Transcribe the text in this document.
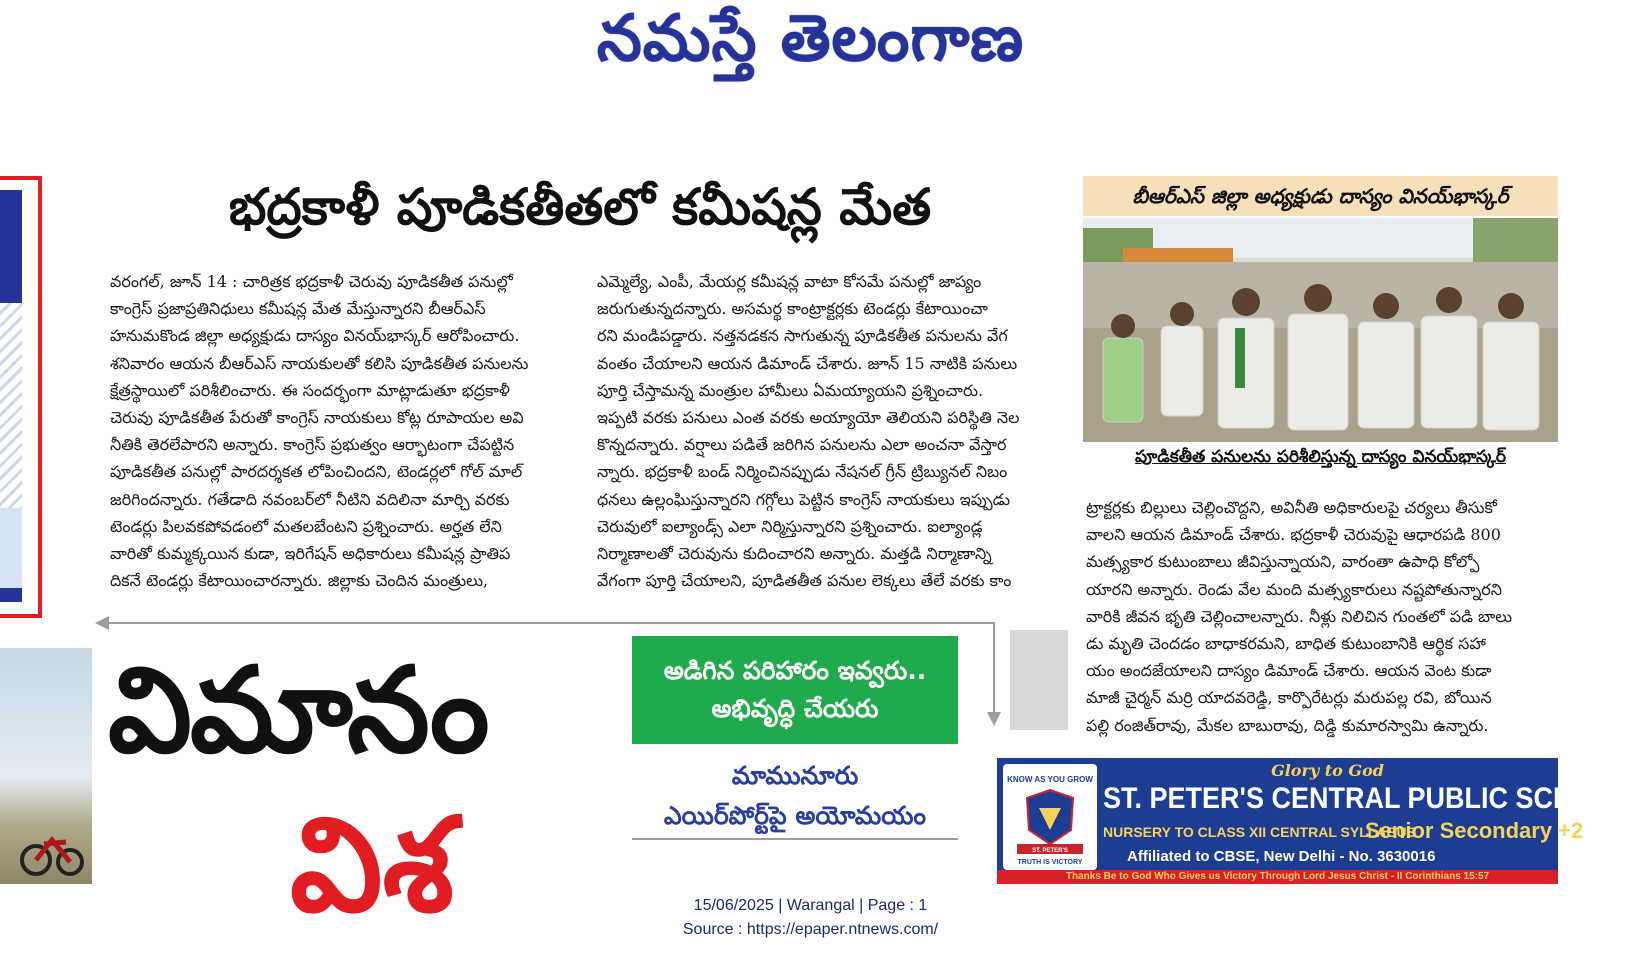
నమస్తే తెలంగాణ
భద్రకాళీ పూడికతీతలో కమీషన్ల మేత
వరంగల్, జూన్ 14 : చారిత్రక భద్రకాళీ చెరువు పూడికతీత పనుల్లో
కాంగ్రెస్ ప్రజాప్రతినిధులు కమీషన్ల మేత మేస్తున్నారని బీఆర్ఎస్
హనుమకొండ జిల్లా అధ్యక్షుడు దాస్యం వినయ్‌భాస్కర్ ఆరోపించారు.
శనివారం ఆయన బీఆర్ఎస్ నాయకులతో కలిసి పూడికతీత పనులను
క్షేత్రస్థాయిలో పరిశీలించారు. ఈ సందర్భంగా మాట్లాడుతూ భద్రకాళీ
చెరువు పూడికతీత పేరుతో కాంగ్రెస్ నాయకులు కోట్ల రూపాయల అవి
నీతికి తెరలేపారని అన్నారు. కాంగ్రెస్ ప్రభుత్వం ఆర్భాటంగా చేపట్టిన
పూడికతీత పనుల్లో పారదర్శకత లోపించిందని, టెండర్లలో గోల్ మాల్
జరిగిందన్నారు. గతేడాది నవంబర్‌లో నీటిని వదిలినా మార్చి వరకు
టెండర్లు పిలవకపోవడంలో మతలబేంటని ప్రశ్నించారు. అర్హత లేని
వారితో కుమ్మక్కయిన కుడా, ఇరిగేషన్ అధికారులు కమీషన్ల ప్రాతిప
దికనే టెండర్లు కేటాయించారన్నారు. జిల్లాకు చెందిన మంత్రులు,
ఎమ్మెల్యే, ఎంపీ, మేయర్ల కమీషన్ల వాటా కోసమే పనుల్లో జాప్యం
జరుగుతున్నదన్నారు. అసమర్థ కాంట్రాక్టర్లకు టెండర్లు కేటాయించా
రని మండిపడ్డారు. నత్తనడకన సాగుతున్న పూడికతీత పనులను వేగ
వంతం చేయాలని ఆయన డిమాండ్ చేశారు. జూన్ 15 నాటికి పనులు
పూర్తి చేస్తామన్న మంత్రుల హామీలు ఏమయ్యాయని ప్రశ్నించారు.
ఇప్పటి వరకు పనులు ఎంత వరకు అయ్యాయో తెలియని పరిస్థితి నెల
కొన్నదన్నారు. వర్షాలు పడితే జరిగిన పనులను ఎలా అంచనా వేస్తార
న్నారు. భద్రకాళీ బండ్ నిర్మించినప్పుడు నేషనల్ గ్రీన్ ట్రిబ్యునల్ నిబం
ధనలు ఉల్లంఘిస్తున్నారని గగ్గోలు పెట్టిన కాంగ్రెస్ నాయకులు ఇప్పుడు
చెరువులో ఐల్యాండ్స్ ఎలా నిర్మిస్తున్నారని ప్రశ్నించారు. ఐల్యాండ్ల
నిర్మాణాలతో చెరువును కుదించారని అన్నారు. మత్తడి నిర్మాణాన్ని
వేగంగా పూర్తి చేయాలని, పూడితతీత పనుల లెక్కలు తేలే వరకు కాం
బీఆర్ఎస్ జిల్లా అధ్యక్షుడు దాస్యం వినయ్‌భాస్కర్
పూడికతీత పనులను పరిశీలిస్తున్న దాస్యం వినయ్‌భాస్కర్
ట్రాక్టర్లకు బిల్లులు చెల్లించొద్దని, అవినీతి అధికారులపై చర్యలు తీసుకో
వాలని ఆయన డిమాండ్ చేశారు. భద్రకాళీ చెరువుపై ఆధారపడి 800
మత్స్యకార కుటుంబాలు జీవిస్తున్నాయని, వారంతా ఉపాధి కోల్పో
యారని అన్నారు. రెండు వేల మంది మత్స్యకారులు నష్టపోతున్నారని
వారికి జీవన భృతి చెల్లించాలన్నారు. నీళ్లు నిలిచిన గుంతలో పడి బాలు
డు మృతి చెందడం బాధాకరమని, బాధిత కుటుంబానికి ఆర్థిక సహా
యం అందజేయాలని దాస్యం డిమాండ్ చేశారు. ఆయన వెంట కుడా
మాజీ చైర్మన్ మర్రి యాదవరెడ్డి, కార్పొరేటర్లు మరుపల్ల రవి, బోయిన
పల్లి రంజిత్‌రావు, మేకల బాబురావు, దిడ్డి కుమారస్వామి ఉన్నారు.
విమానం
విశ
అడిగిన పరిహారం ఇవ్వరు..
అభివృద్ధి చేయరు
మామునూరు
ఎయిర్‌పోర్ట్‌పై అయోమయం
KNOW AS YOU GROW
ST. PETER'S
TRUTH IS VICTORY
Glory to God
ST. PETER'S CENTRAL PUBLIC SCHOOL
NURSERY TO CLASS XII CENTRAL SYLLABUS
Senior Secondary +2
Affiliated to CBSE, New Delhi - No. 3630016
Thanks Be to God Who Gives us Victory Through Lord Jesus Christ - II Corinthians 15:57
15/06/2025 | Warangal | Page : 1
Source : https://epaper.ntnews.com/
